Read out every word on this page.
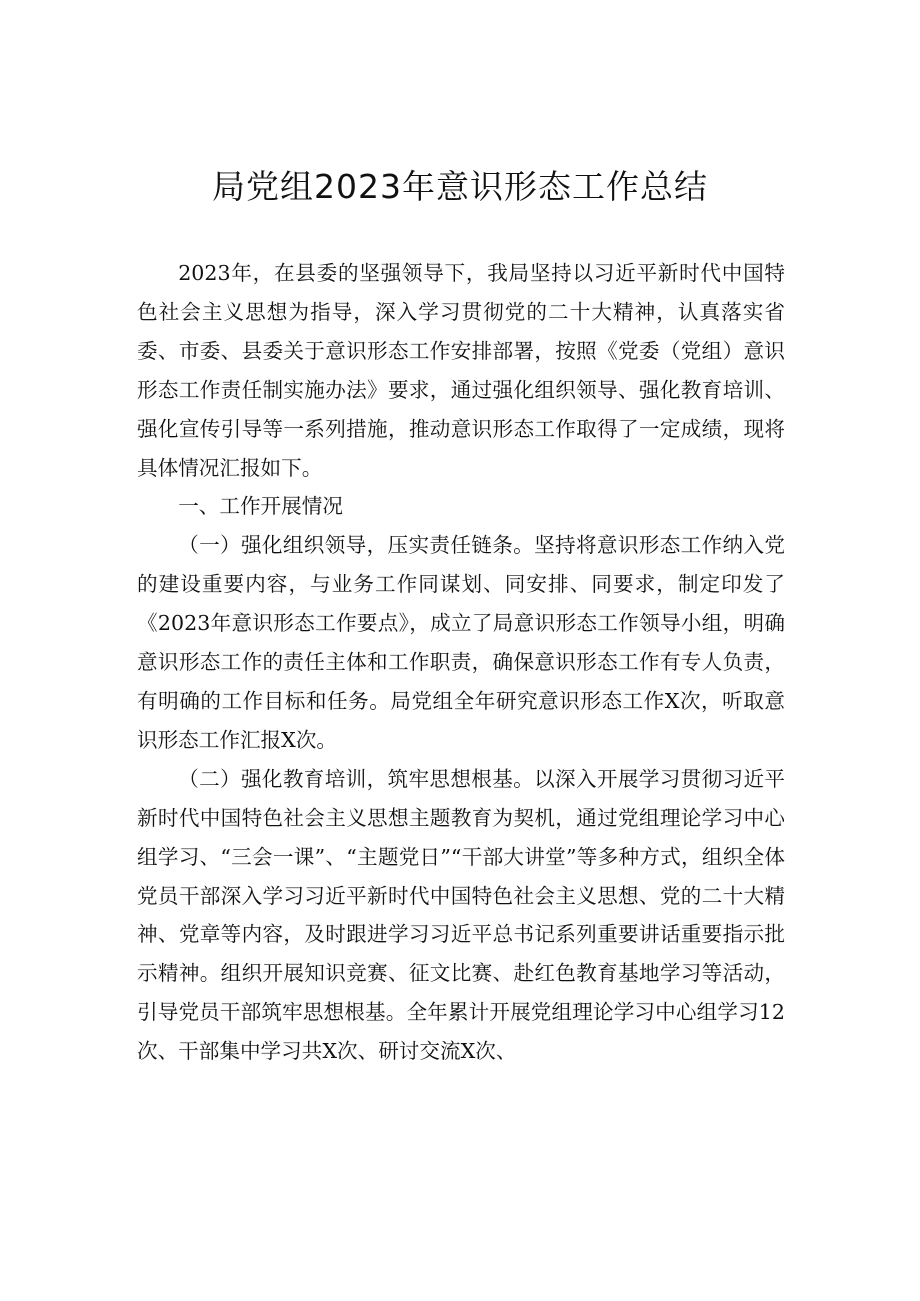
局党组2023年意识形态工作总结

2023年，在县委的坚强领导下，我局坚持以习近平新时代中国特色社会主义思想为指导，深入学习贯彻党的二十大精神，认真落实省委、市委、县委关于意识形态工作安排部署，按照《党委（党组）意识形态工作责任制实施办法》要求，通过强化组织领导、强化教育培训、强化宣传引导等一系列措施，推动意识形态工作取得了一定成绩，现将具体情况汇报如下。

一、工作开展情况

（一）强化组织领导，压实责任链条。坚持将意识形态工作纳入党的建设重要内容，与业务工作同谋划、同安排、同要求，制定印发了《2023年意识形态工作要点》，成立了局意识形态工作领导小组，明确意识形态工作的责任主体和工作职责，确保意识形态工作有专人负责，有明确的工作目标和任务。局党组全年研究意识形态工作X次，听取意识形态工作汇报X次。

（二）强化教育培训，筑牢思想根基。以深入开展学习贯彻习近平新时代中国特色社会主义思想主题教育为契机，通过党组理论学习中心组学习、“三会一课”、“主题党日”“干部大讲堂”等多种方式，组织全体党员干部深入学习习近平新时代中国特色社会主义思想、党的二十大精神、党章等内容，及时跟进学习习近平总书记系列重要讲话重要指示批示精神。组织开展知识竞赛、征文比赛、赴红色教育基地学习等活动，引导党员干部筑牢思想根基。全年累计开展党组理论学习中心组学习12次、干部集中学习共X次、研讨交流X次、
